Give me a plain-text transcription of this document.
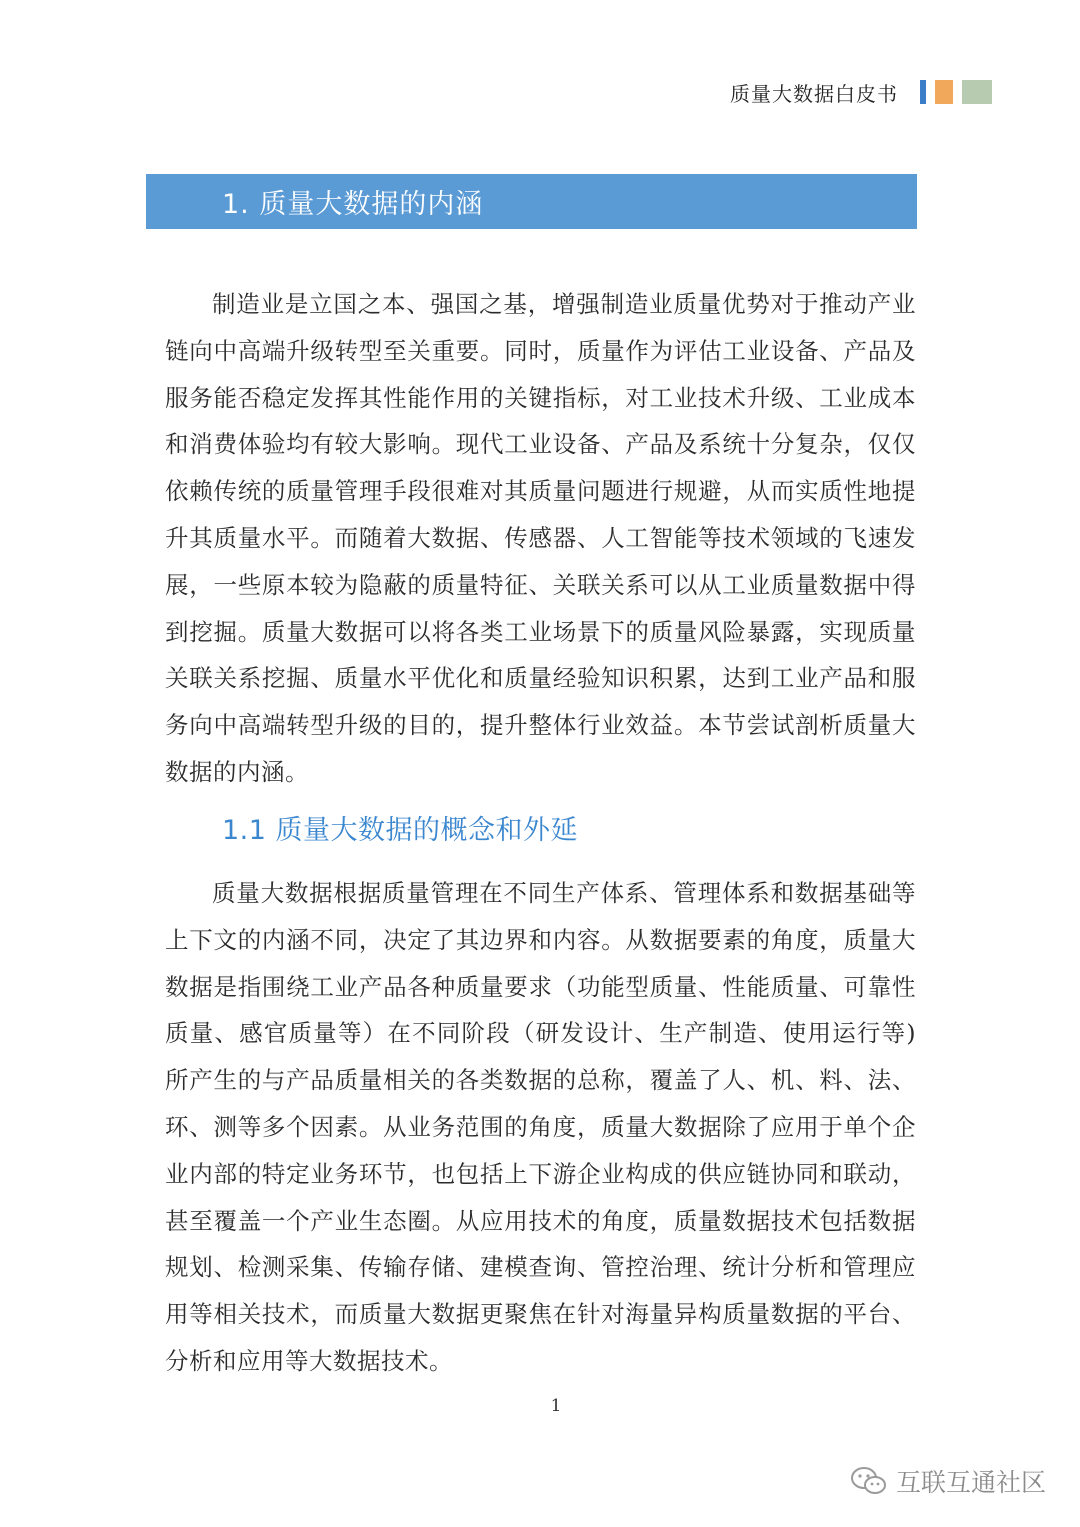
质量大数据白皮书
1. 质量大数据的内涵

制造业是立国之本、强国之基，增强制造业质量优势对于推动产业链向中高端升级转型至关重要。同时，质量作为评估工业设备、产品及服务能否稳定发挥其性能作用的关键指标，对工业技术升级、工业成本和消费体验均有较大影响。现代工业设备、产品及系统十分复杂，仅仅依赖传统的质量管理手段很难对其质量问题进行规避，从而实质性地提升其质量水平。而随着大数据、传感器、人工智能等技术领域的飞速发展，一些原本较为隐蔽的质量特征、关联关系可以从工业质量数据中得到挖掘。质量大数据可以将各类工业场景下的质量风险暴露，实现质量关联关系挖掘、质量水平优化和质量经验知识积累，达到工业产品和服务向中高端转型升级的目的，提升整体行业效益。本节尝试剖析质量大数据的内涵。

1.1 质量大数据的概念和外延

质量大数据根据质量管理在不同生产体系、管理体系和数据基础等上下文的内涵不同，决定了其边界和内容。从数据要素的角度，质量大数据是指围绕工业产品各种质量要求（功能型质量、性能质量、可靠性质量、感官质量等）在不同阶段（研发设计、生产制造、使用运行等)所产生的与产品质量相关的各类数据的总称，覆盖了人、机、料、法、环、测等多个因素。从业务范围的角度，质量大数据除了应用于单个企业内部的特定业务环节，也包括上下游企业构成的供应链协同和联动，甚至覆盖一个产业生态圈。从应用技术的角度，质量数据技术包括数据规划、检测采集、传输存储、建模查询、管控治理、统计分析和管理应用等相关技术，而质量大数据更聚焦在针对海量异构质量数据的平台、分析和应用等大数据技术。

1
互联互通社区
